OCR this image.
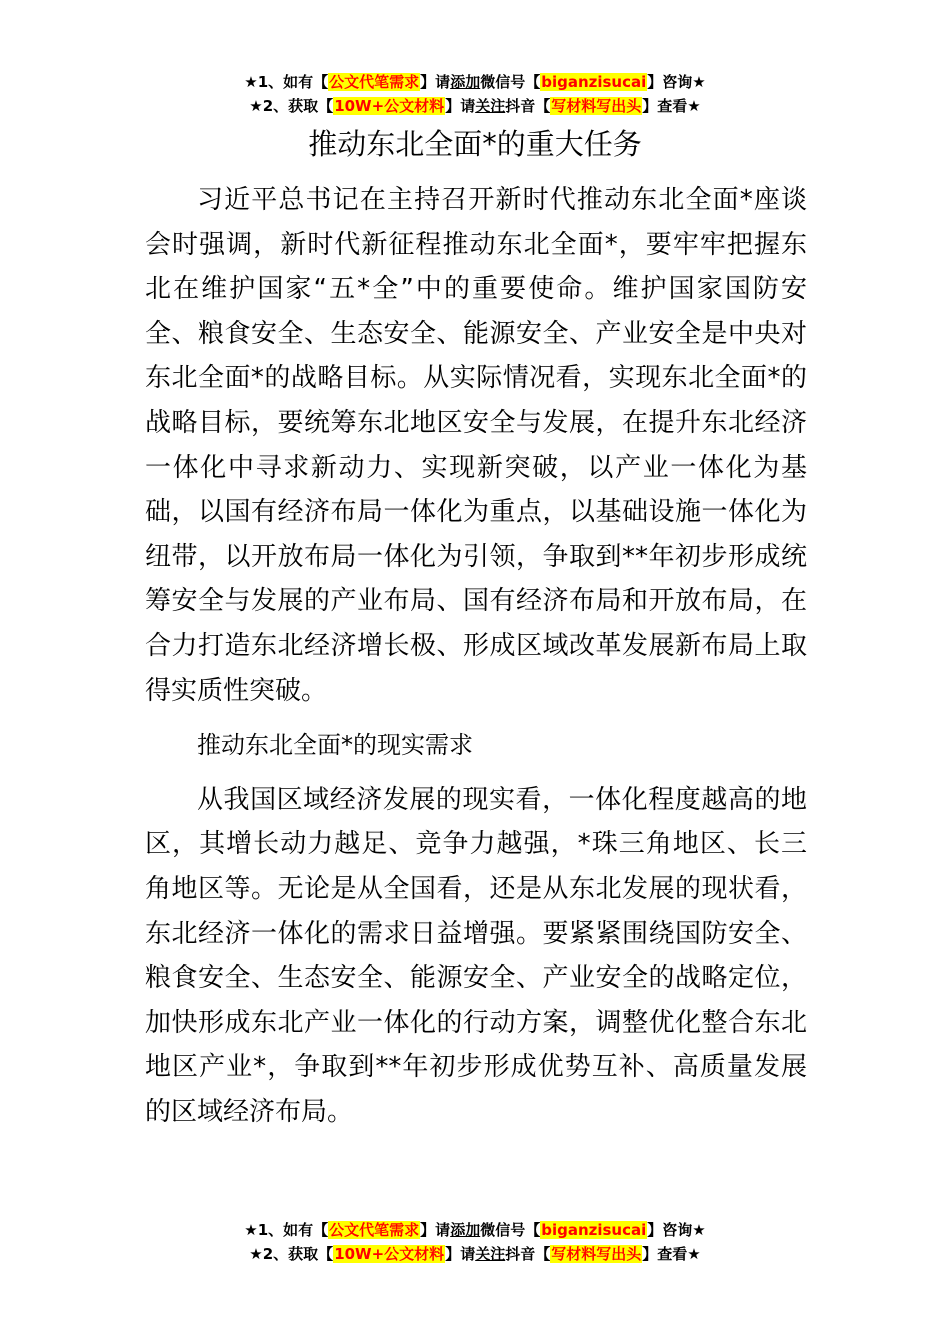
★1、如有【公文代笔需求】请添加微信号【biganzisucai】咨询★
★2、获取【10W+公文材料】请关注抖音【写材料写出头】查看★
推动东北全面*的重大任务

习近平总书记在主持召开新时代推动东北全面*座谈会时强调，新时代新征程推动东北全面*，要牢牢把握东北在维护国家“五*全”中的重要使命。维护国家国防安全、粮食安全、生态安全、能源安全、产业安全是中央对东北全面*的战略目标。从实际情况看，实现东北全面*的战略目标，要统筹东北地区安全与发展，在提升东北经济一体化中寻求新动力、实现新突破，以产业一体化为基础，以国有经济布局一体化为重点，以基础设施一体化为纽带，以开放布局一体化为引领，争取到**年初步形成统筹安全与发展的产业布局、国有经济布局和开放布局，在合力打造东北经济增长极、形成区域改革发展新布局上取得实质性突破。

推动东北全面*的现实需求

从我国区域经济发展的现实看，一体化程度越高的地区，其增长动力越足、竞争力越强，*珠三角地区、长三角地区等。无论是从全国看，还是从东北发展的现状看，东北经济一体化的需求日益增强。要紧紧围绕国防安全、粮食安全、生态安全、能源安全、产业安全的战略定位，加快形成东北产业一体化的行动方案，调整优化整合东北地区产业*，争取到**年初步形成优势互补、高质量发展的区域经济布局。

★1、如有【公文代笔需求】请添加微信号【biganzisucai】咨询★
★2、获取【10W+公文材料】请关注抖音【写材料写出头】查看★
